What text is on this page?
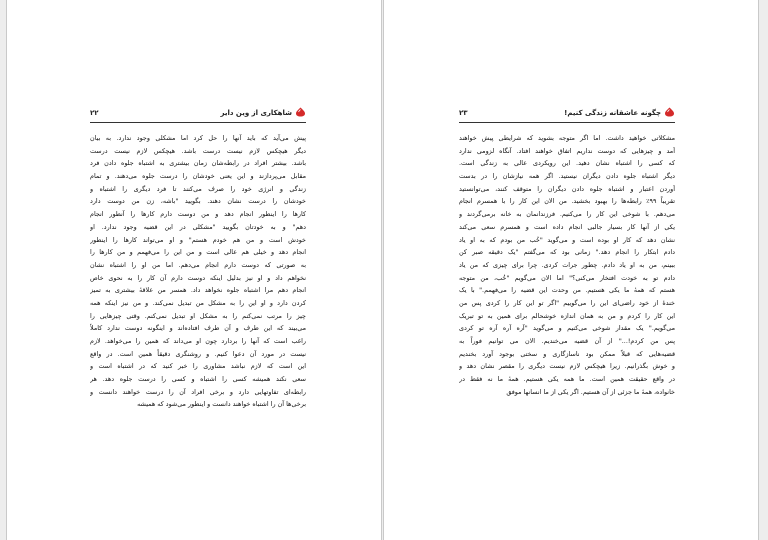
شاهکاری از وین دایر
۲۲
پیش می‌آید که باید آنها را حل کرد اما مشکلی وجود ندارد. به بیان
دیگر هیچکس لازم نیست درست باشد. هیچکس لازم نیست درست
باشد. بیشتر افراد در رابطه‌شان زمان بیشتری به اشتباه جلوه دادن فرد
مقابل می‌پردازند و این یعنی خودشان را درست جلوه می‌دهند. و تمام
زندگی و انرژی خود را صرف می‌کنند تا فرد دیگری را اشتباه و
خودشان را درست نشان دهند. بگویید "باشه، زن من دوست دارد
کارها را اینطور انجام دهد و من دوست دارم کارها را آنطور انجام
دهم" و به خودتان بگویید "مشکلی در این قضیه وجود ندارد. او
خودش است و من هم خودم هستم" و او می‌تواند کارها را اینطور
انجام دهد و خیلی هم عالی است و من این را می‌فهمم و من کارها را
به صورتی که دوست دارم انجام می‌دهم. اما من او را اشتباه نشان
نخواهم داد و او نیز بدلیل اینکه دوست دارم آن کار را به نحوی خاص
انجام دهم مرا اشتباه جلوه نخواهد داد. همسر من علاقهٔ بیشتری به تمیز
کردن دارد و او این را به مشکل من تبدیل نمی‌کند. و من نیز اینکه همه
چیز را مرتب نمی‌کنم را به مشکل او تبدیل نمی‌کنم. وقتی چیزهایی را
می‌بیند که این طرف و آن طرف افتاده‌اند و اینگونه دوست ندارد کاملاً
راغب است که آنها را بردارد چون او می‌داند که همین را می‌خواهد. لازم
نیست در مورد آن دعوا کنیم. و روشنگری دقیقاً همین است. در واقع
این است که لازم نباشد مشاوری را خبر کنید که در اشتباه است و
سعی نکند همیشه کسی را اشتباه و کسی را درست جلوه دهد. هر
رابطه‌ای تفاوتهایی دارد و برخی افراد آن را درست خواهند دانست و
برخی‌ها آن را اشتباه خواهند دانست و اینطور می‌شود که همیشه
چگونه عاشقانه زندگی کنیم!
۲۳
مشکلاتی خواهید داشت. اما اگر متوجه بشوید که شرایطی پیش خواهند
آمد و چیزهایی که دوست نداریم اتفاق خواهند افتاد. آنگاه لزومی ندارد
که کسی را اشتباه نشان دهید. این رویکردی عالی به زندگی است.
دیگر اشتباه جلوه دادن دیگران نیستید. اگر همه نیازشان را در بدست
آوردن اعتبار و اشتباه جلوه دادن دیگران را متوقف کنند، می‌توانستید
تقریباً ۹۹٪ رابطه‌ها را بهبود بخشید. من الان این کار را با همسرم انجام
می‌دهم. با شوخی این کار را می‌کنیم. فرزندانمان به خانه برمی‌گردند و
یکی از آنها کار بسیار جالبی انجام داده است و همسرم سعی می‌کند
نشان دهد که کار او بوده است و می‌گوید "خُب من بودم که به او یاد
دادم ابتکار را انجام دهد." زمانی بود که می‌گفتم "یک دقیقه صبر کن
ببینم، من به او یاد دادم. چطور جرات کردی. چرا برای چیزی که من یاد
دادم تو به خودت افتخار می‌کنی؟" اما الان می‌گویم "خُب، من متوجه
هستم که همهٔ ما یکی هستیم. من وحدت این قضیه را می‌فهمم." با یک
خندهٔ از خود راضی‌ای این را می‌گوییم "اگر تو این کار را کردی پس من
این کار را کردم و من به همان اندازه خوشحالم برای همین به تو تبریک
می‌گویم." یک مقدار شوخی می‌کنیم و می‌گوید "آره آره آره تو کردی
پس من کردم!..." از آن قضیه می‌خندیم. الان می توانیم فوراً به
قضیه‌هایی که قبلاً ممکن بود ناسازگاری و سختی بوجود آورد بخندیم
و خوش بگذرانیم. زیرا هیچکس لازم نیست دیگری را مقصر نشان دهد و
در واقع حقیقت همین است. ما همه یکی هستیم. همهٔ ما نه فقط در
خانواده، همهٔ ما جزئی از آن هستیم. اگر یکی از ما انسانها موفق
